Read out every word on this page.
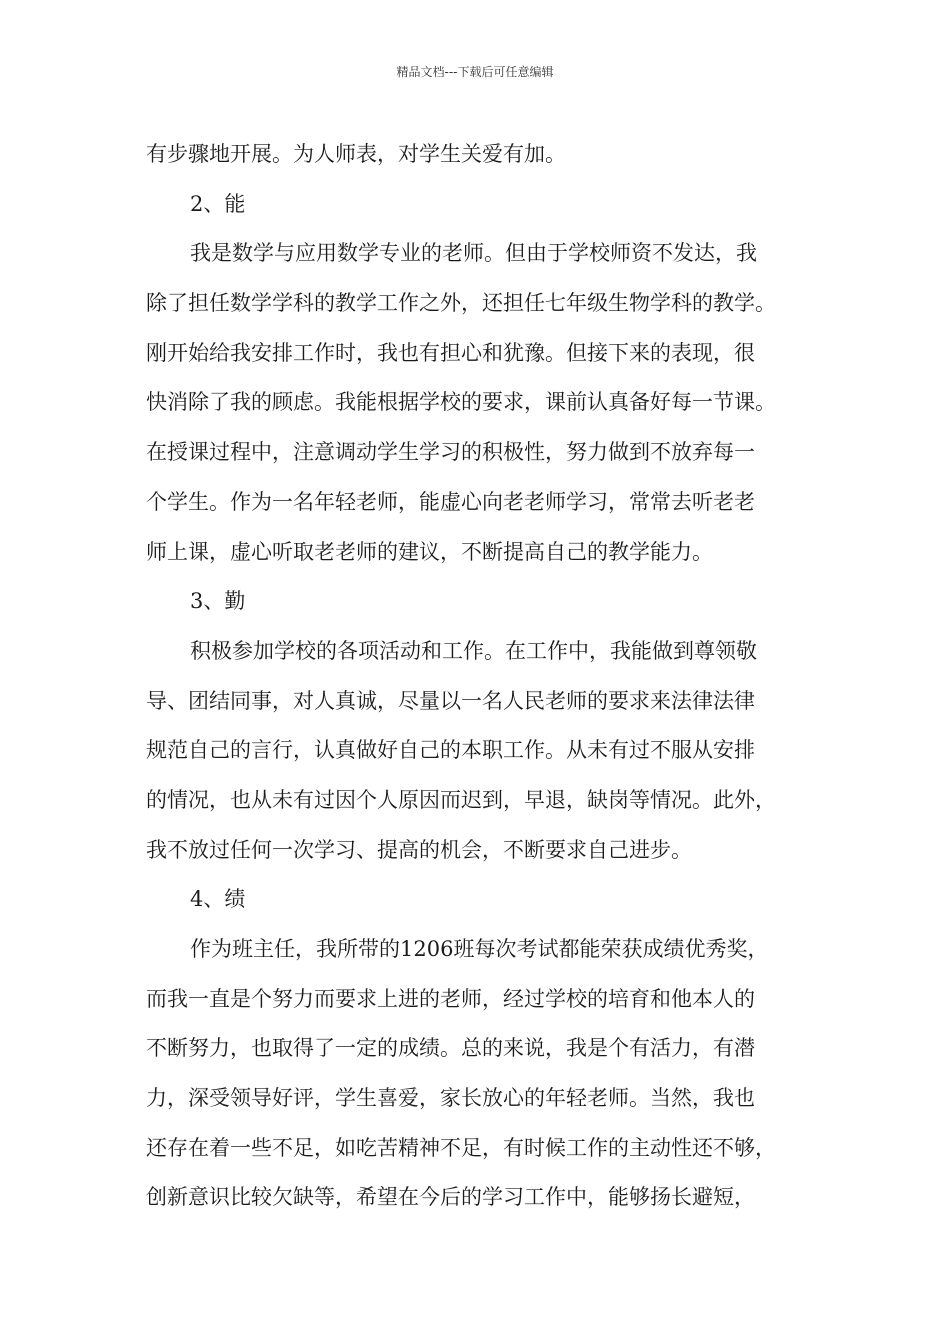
精品文档---下载后可任意编辑
有步骤地开展。为人师表，对学生关爱有加。
2、能
我是数学与应用数学专业的老师。但由于学校师资不发达，我
除了担任数学学科的教学工作之外，还担任七年级生物学科的教学。
刚开始给我安排工作时，我也有担心和犹豫。但接下来的表现，很
快消除了我的顾虑。我能根据学校的要求，课前认真备好每一节课。
在授课过程中，注意调动学生学习的积极性，努力做到不放弃每一
个学生。作为一名年轻老师，能虚心向老老师学习，常常去听老老
师上课，虚心听取老老师的建议，不断提高自己的教学能力。
3、勤
积极参加学校的各项活动和工作。在工作中，我能做到尊领敬
导、团结同事，对人真诚，尽量以一名人民老师的要求来法律法律
规范自己的言行，认真做好自己的本职工作。从未有过不服从安排
的情况，也从未有过因个人原因而迟到，早退，缺岗等情况。此外，
我不放过任何一次学习、提高的机会，不断要求自己进步。
4、绩
作为班主任，我所带的1206班每次考试都能荣获成绩优秀奖，
而我一直是个努力而要求上进的老师，经过学校的培育和他本人的
不断努力，也取得了一定的成绩。总的来说，我是个有活力，有潜
力，深受领导好评，学生喜爱，家长放心的年轻老师。当然，我也
还存在着一些不足，如吃苦精神不足，有时候工作的主动性还不够，
创新意识比较欠缺等，希望在今后的学习工作中，能够扬长避短，
